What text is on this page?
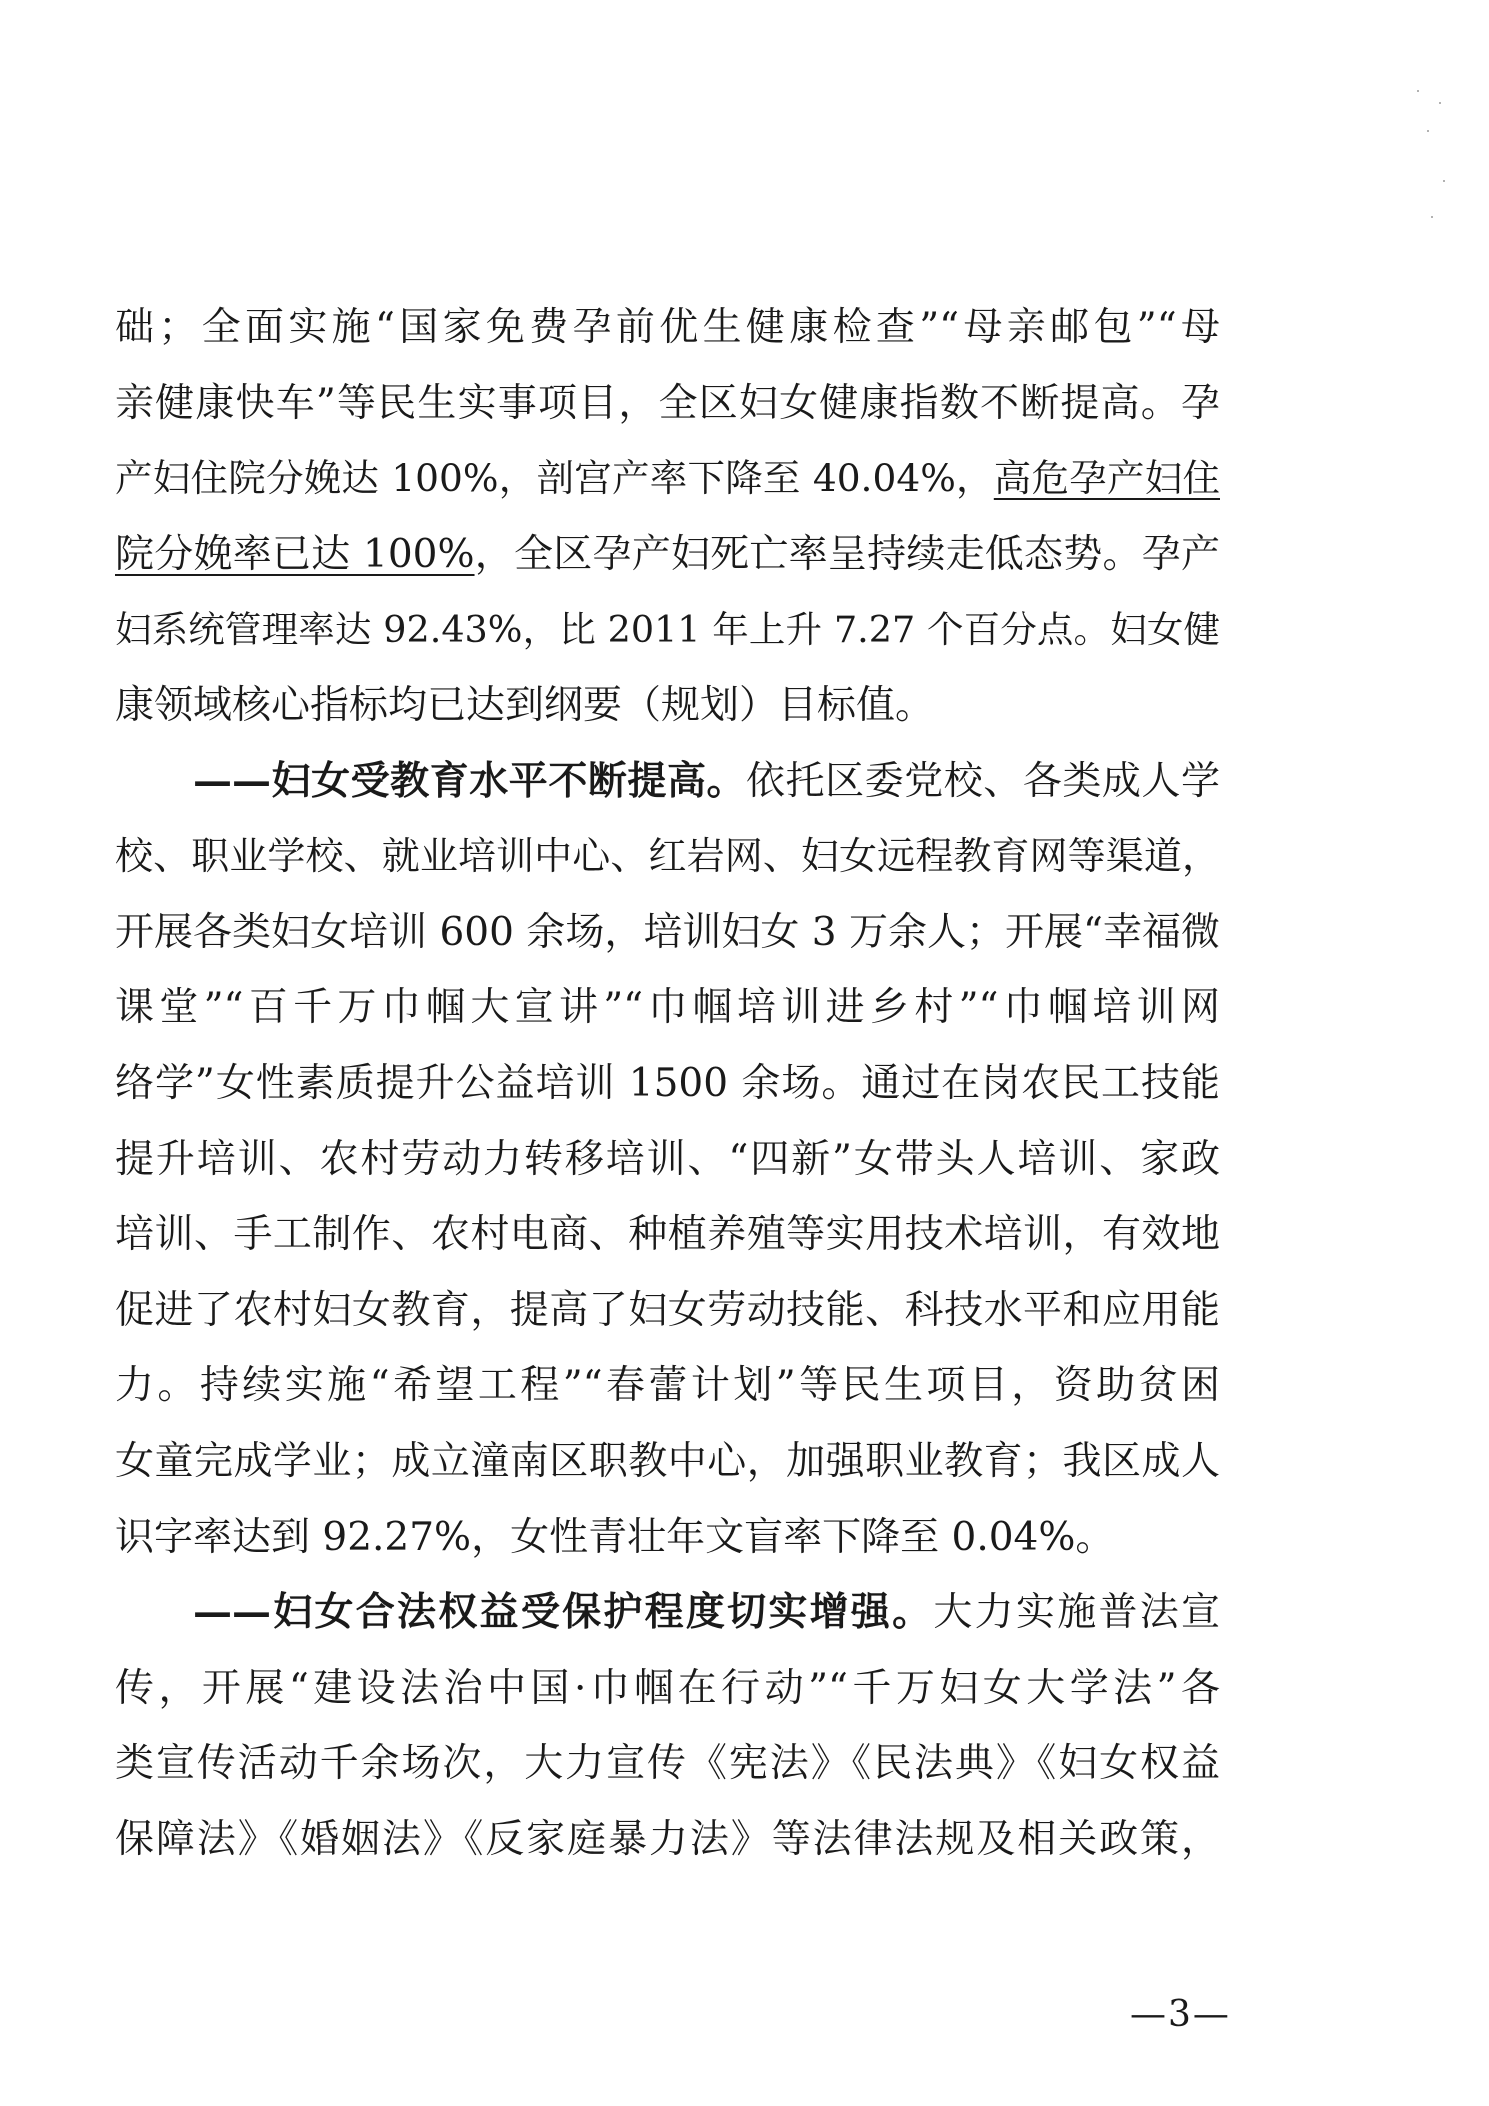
础；全面实施“国家免费孕前优生健康检查”“母亲邮包”“母
亲健康快车”等民生实事项目，全区妇女健康指数不断提高。孕
产妇住院分娩达 100%，剖宫产率下降至 40.04%，高危孕产妇住
院分娩率已达 100%，全区孕产妇死亡率呈持续走低态势。孕产
妇系统管理率达 92.43%，比 2011 年上升 7.27 个百分点。妇女健
康领域核心指标均已达到纲要（规划）目标值。
——妇女受教育水平不断提高。依托区委党校、各类成人学
校、职业学校、就业培训中心、红岩网、妇女远程教育网等渠道，
开展各类妇女培训 600 余场，培训妇女 3 万余人；开展“幸福微
课堂”“百千万巾帼大宣讲”“巾帼培训进乡村”“巾帼培训网
络学”女性素质提升公益培训 1500 余场。通过在岗农民工技能
提升培训、农村劳动力转移培训、“四新”女带头人培训、家政
培训、手工制作、农村电商、种植养殖等实用技术培训，有效地
促进了农村妇女教育，提高了妇女劳动技能、科技水平和应用能
力。持续实施“希望工程”“春蕾计划”等民生项目，资助贫困
女童完成学业；成立潼南区职教中心，加强职业教育；我区成人
识字率达到 92.27%，女性青壮年文盲率下降至 0.04%。
——妇女合法权益受保护程度切实增强。大力实施普法宣
传，开展“建设法治中国·巾帼在行动”“千万妇女大学法”各
类宣传活动千余场次，大力宣传《宪法》《民法典》《妇女权益
保障法》《婚姻法》《反家庭暴力法》等法律法规及相关政策，
—3—
